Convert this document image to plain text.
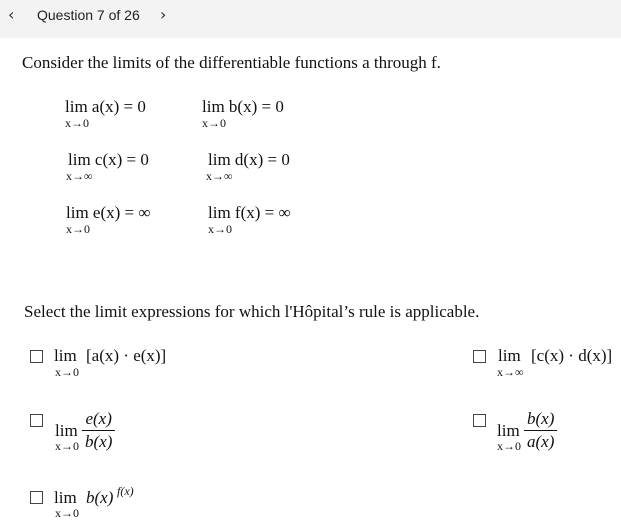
‹ Question 7 of 26 ›
Consider the limits of the differentiable functions a through f.
lim a(x) = 0
x→0
lim b(x) = 0
x→0
lim c(x) = 0
x→∞
lim d(x) = 0
x→∞
lim e(x) = ∞
x→0
lim f(x) = ∞
x→0
Select the limit expressions for which l'Hôpital’s rule is applicable.
lim [a(x) · e(x)]
x→0
lim [c(x) · d(x)]
x→∞
lim
x→0
e(x)
b(x)
lim
x→0
b(x)
a(x)
lim b(x) f(x)
x→0
